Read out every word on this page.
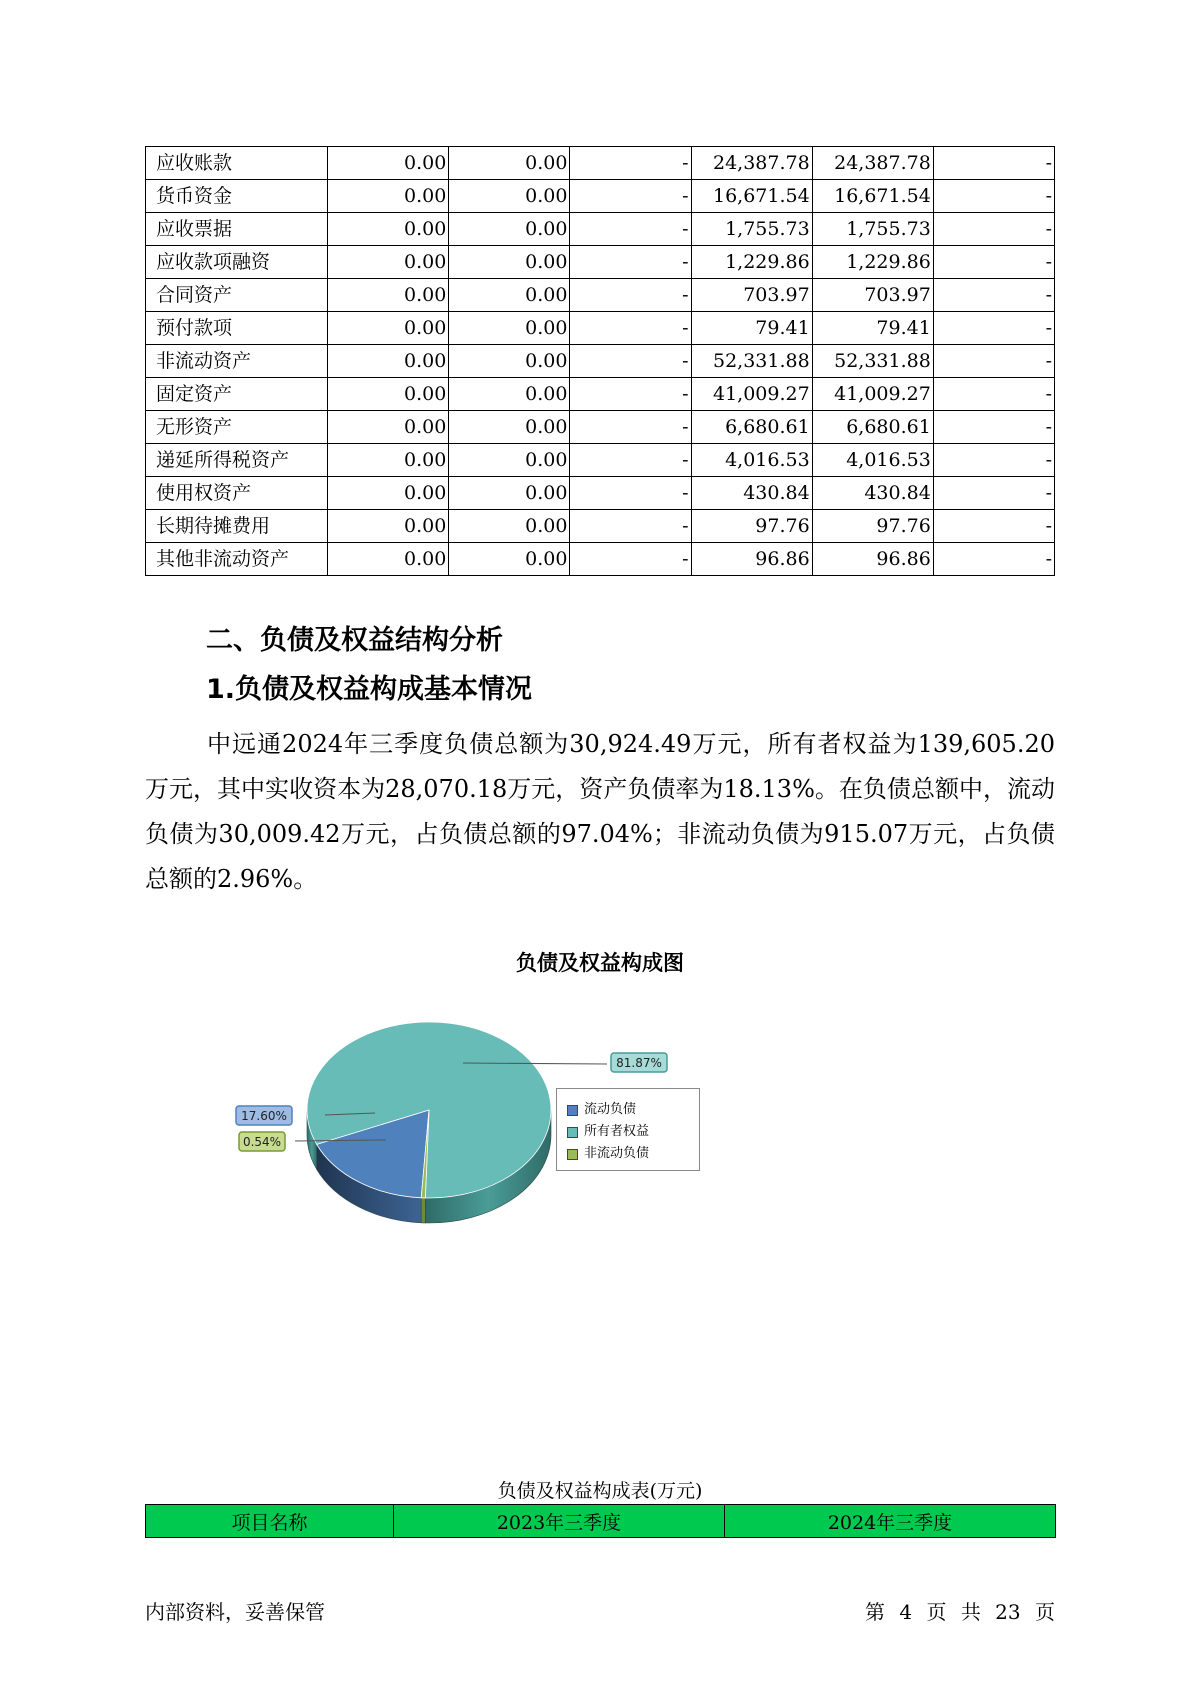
应收账款	0.00	0.00	-	24,387.78	24,387.78	-
货币资金	0.00	0.00	-	16,671.54	16,671.54	-
应收票据	0.00	0.00	-	1,755.73	1,755.73	-
应收款项融资	0.00	0.00	-	1,229.86	1,229.86	-
合同资产	0.00	0.00	-	703.97	703.97	-
预付款项	0.00	0.00	-	79.41	79.41	-
非流动资产	0.00	0.00	-	52,331.88	52,331.88	-
固定资产	0.00	0.00	-	41,009.27	41,009.27	-
无形资产	0.00	0.00	-	6,680.61	6,680.61	-
递延所得税资产	0.00	0.00	-	4,016.53	4,016.53	-
使用权资产	0.00	0.00	-	430.84	430.84	-
长期待摊费用	0.00	0.00	-	97.76	97.76	-
其他非流动资产	0.00	0.00	-	96.86	96.86	-
二、负债及权益结构分析
1.负债及权益构成基本情况

中远通2024年三季度负债总额为30,924.49万元，所有者权益为139,605.20万元，其中实收资本为28,070.18万元，资产负债率为18.13%。在负债总额中，流动负债为30,009.42万元，占负债总额的97.04%；非流动负债为915.07万元，占负债总额的2.96%。

负债及权益构成图

17.60%
81.87%
0.54%
流动负债
所有者权益
非流动负债

负债及权益构成表(万元)

项目名称	2023年三季度	2024年三季度

内部资料，妥善保管	第 4 页 共 23 页
